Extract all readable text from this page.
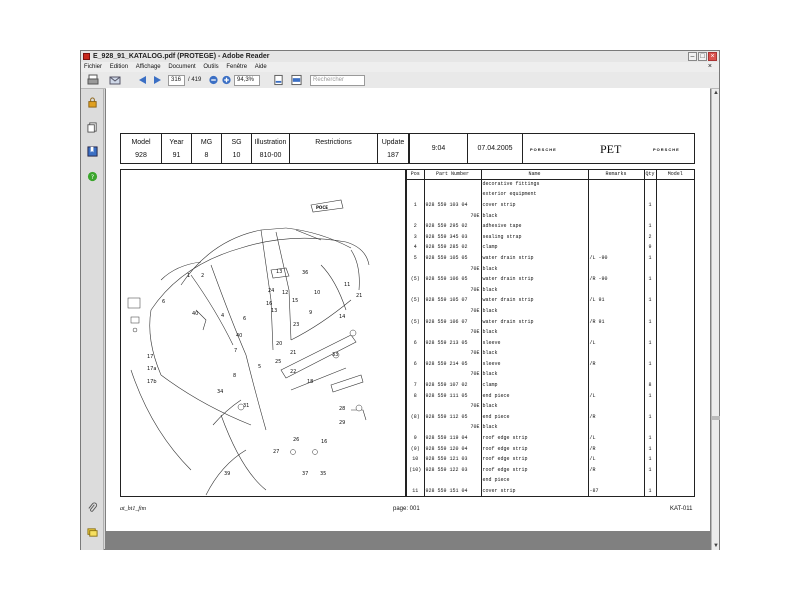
E_928_91_KATALOG.pdf (PROTEGE) - Adobe Reader	– □ ×
Fichier Edition Affichage Document Outils Fenêtre Aide	×
316	/ 419	94,3%	Rechercher
?
▲
▼
Model
928
Year
91
MG
8
SG
10
Illustration
810-00
Restrictions	Update
187
9:04	07.04.2005	PORSCHE	PET	PORSCHE
1 2
6
40
13	36
11
24 12	10	21
4
16	15
13	9
23
14
6
40
20
7
5
22
25
21	33
17
17a
17b
8
34
31
18
28
29
26	16
27
39	37 35
POCE
Pos	Part Number	Name	Remarks	Qty	Model
		decorative fittings			
		exterior equipment			
1	928 559 103 04	cover strip		1	
	70E	black			
2	928 559 295 02	adhesive tape		1	
3	928 559 345 03	sealing strap		2	
4	928 559 285 02	clamp		9	
5	928 559 105 05	water drain strip	/L -90	1	
	70E	black			
(5)	928 559 106 05	water drain strip	/R -90	1	
	70E	black			
(5)	928 559 105 07	water drain strip	/L 91	1	
	70E	black			
(5)	928 559 106 07	water drain strip	/R 91	1	
	70E	black			
6	928 559 213 05	sleeve	/L	1	
	70E	black			
6	928 559 214 05	sleeve	/R	1	
	70E	black			
7	928 559 107 02	clamp		8	
8	928 559 111 05	end piece	/L	1	
	70E	black			
(8)	928 559 112 05	end piece	/R	1	
	70E	black			
9	928 559 119 04	roof edge strip	/L	1	
(9)	928 559 120 04	roof edge strip	/R	1	
10	928 559 121 03	roof edge strip	/L	1	
(10)	928 559 122 03	roof edge strip	/R	1	
		end piece			
11	928 559 151 04	cover strip	-87	1	
at_bt1_fim	page: 001	KAT-011
